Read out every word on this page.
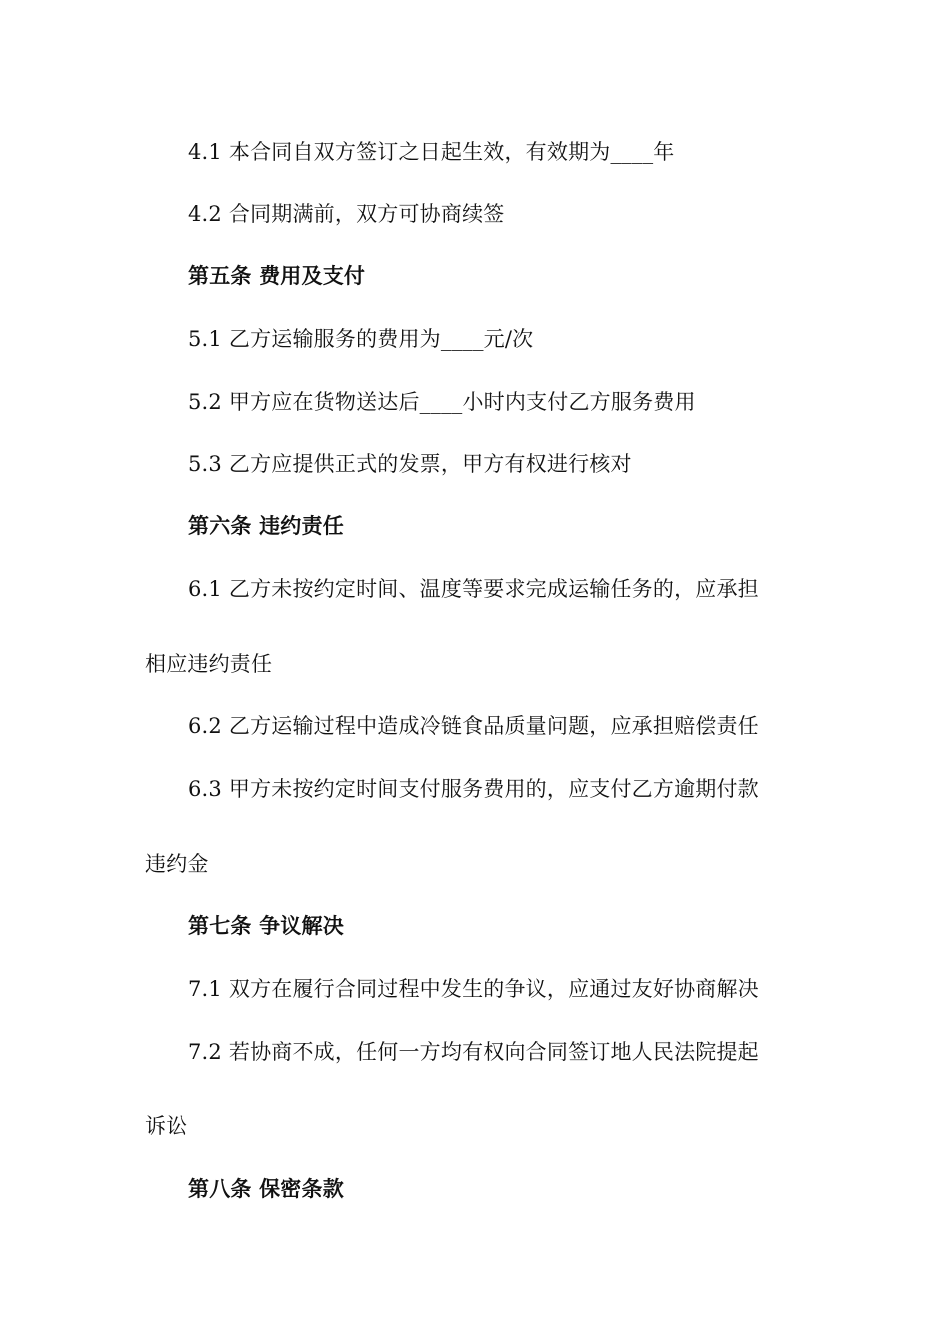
4.1 本合同自双方签订之日起生效，有效期为____年
4.2 合同期满前，双方可协商续签
第五条 费用及支付
5.1 乙方运输服务的费用为____元/次
5.2 甲方应在货物送达后____小时内支付乙方服务费用
5.3 乙方应提供正式的发票，甲方有权进行核对
第六条 违约责任
6.1 乙方未按约定时间、温度等要求完成运输任务的，应承担
相应违约责任
6.2 乙方运输过程中造成冷链食品质量问题，应承担赔偿责任
6.3 甲方未按约定时间支付服务费用的，应支付乙方逾期付款
违约金
第七条 争议解决
7.1 双方在履行合同过程中发生的争议，应通过友好协商解决
7.2 若协商不成，任何一方均有权向合同签订地人民法院提起
诉讼
第八条 保密条款
